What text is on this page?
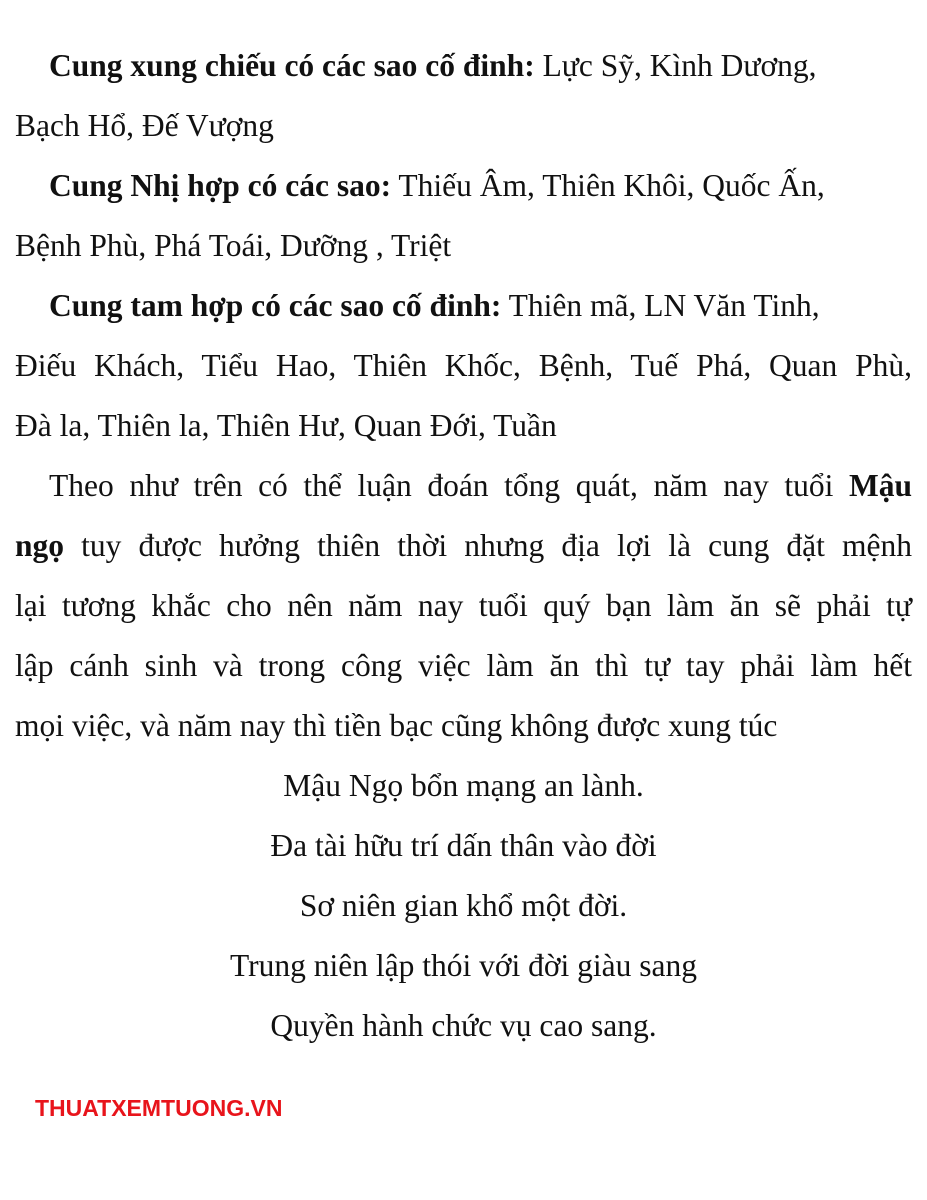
Cung xung chiếu có các sao cố đinh: Lực Sỹ, Kình Dương,
Bạch Hổ, Đế Vượng
Cung Nhị hợp có các sao: Thiếu Âm, Thiên Khôi, Quốc Ấn,
Bệnh Phù, Phá Toái, Dưỡng , Triệt
Cung tam hợp có các sao cố đinh: Thiên mã, LN Văn Tinh,
Điếu Khách, Tiểu Hao, Thiên Khốc, Bệnh, Tuế Phá, Quan Phù,
Đà la, Thiên la, Thiên Hư, Quan Đới, Tuần
Theo như trên có thể luận đoán tổng quát, năm nay tuổi Mậu
ngọ tuy được hưởng thiên thời nhưng địa lợi là cung đặt mệnh
lại tương khắc cho nên năm nay tuổi quý bạn làm ăn sẽ phải tự
lập cánh sinh và trong công việc làm ăn thì tự tay phải làm hết
mọi việc, và năm nay thì tiền bạc cũng không được xung túc
Mậu Ngọ bổn mạng an lành.
Đa tài hữu trí dấn thân vào đời
Sơ niên gian khổ một đời.
Trung niên lập thói với đời giàu sang
Quyền hành chức vụ cao sang.
THUATXEMTUONG.VN
